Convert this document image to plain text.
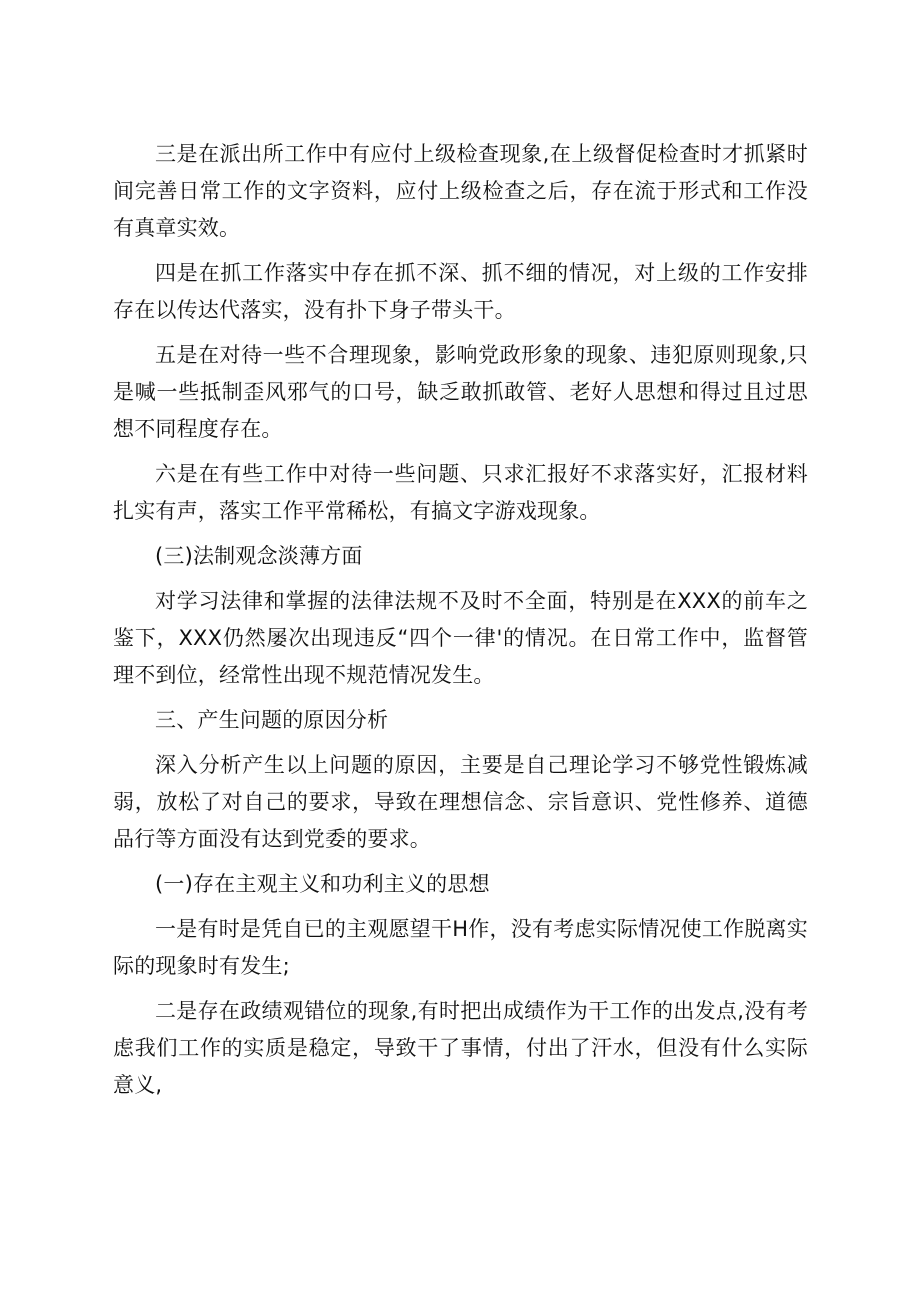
三是在派出所工作中有应付上级检查现象,在上级督促检查时才抓紧时间完善日常工作的文字资料，应付上级检查之后，存在流于形式和工作没有真章实效。

四是在抓工作落实中存在抓不深、抓不细的情况，对上级的工作安排存在以传达代落实，没有扑下身子带头干。

五是在对待一些不合理现象，影响党政形象的现象、违犯原则现象,只是喊一些抵制歪风邪气的口号，缺乏敢抓敢管、老好人思想和得过且过思想不同程度存在。

六是在有些工作中对待一些问题、只求汇报好不求落实好，汇报材料扎实有声，落实工作平常稀松，有搞文字游戏现象。

(三)法制观念淡薄方面

对学习法律和掌握的法律法规不及时不全面，特别是在XXX的前车之鉴下，XXX仍然屡次出现违反“四个一律'的情况。在日常工作中，监督管理不到位，经常性出现不规范情况发生。

三、产生问题的原因分析

深入分析产生以上问题的原因，主要是自己理论学习不够党性锻炼减弱，放松了对自己的要求，导致在理想信念、宗旨意识、党性修养、道德品行等方面没有达到党委的要求。

(一)存在主观主义和功利主义的思想

一是有时是凭自已的主观愿望干H作，没有考虑实际情况使工作脱离实际的现象时有发生;

二是存在政绩观错位的现象,有时把出成绩作为干工作的出发点,没有考虑我们工作的实质是稳定，导致干了事情，付出了汗水，但没有什么实际意义,
